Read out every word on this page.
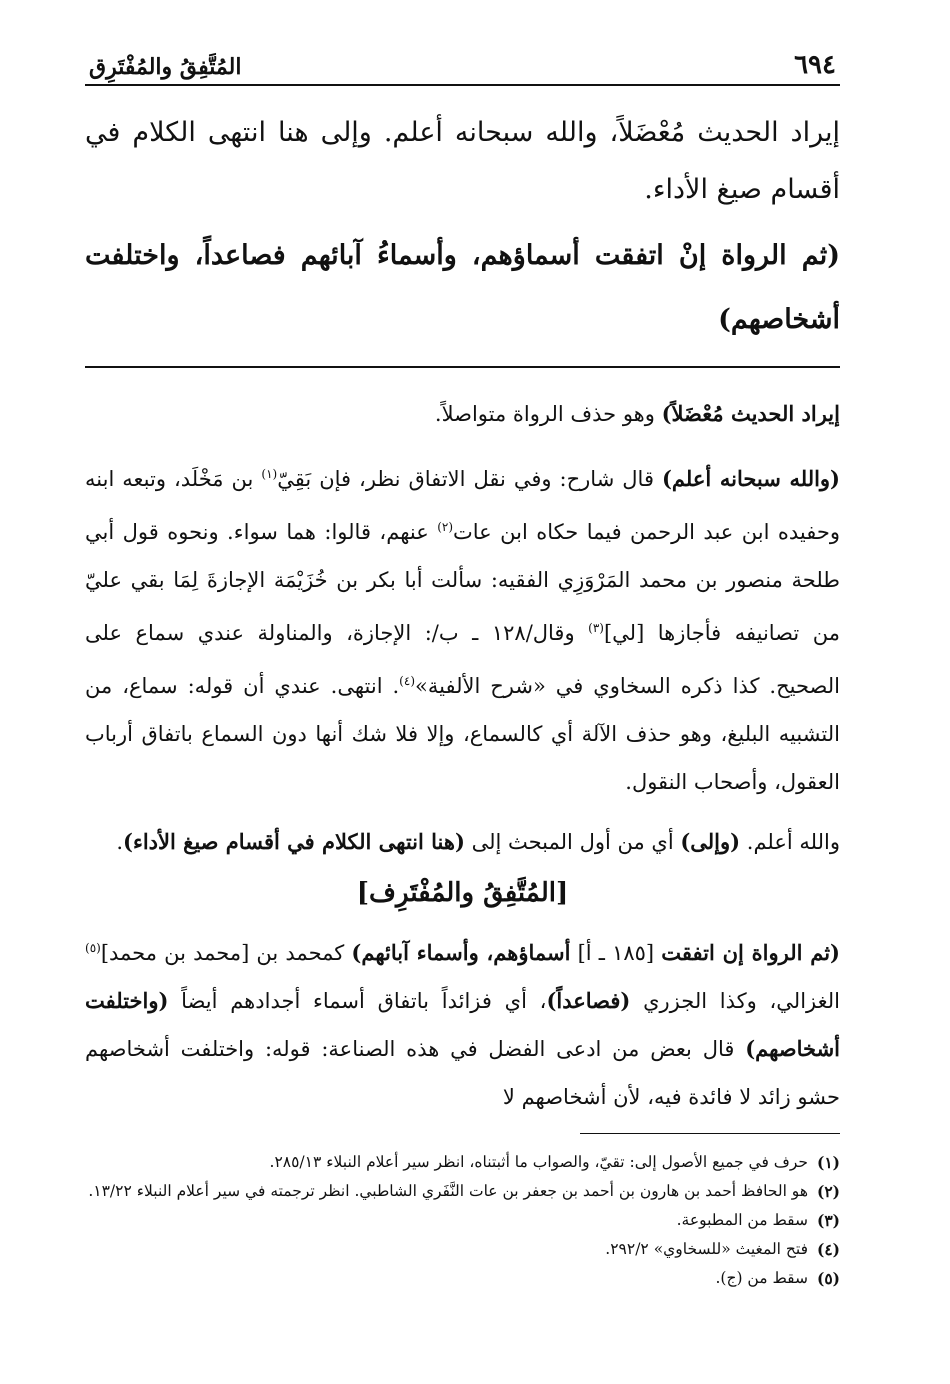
٦٩٤
المُتَّفِقُ والمُفْتَرِق
إيراد الحديث مُعْضَلاً، والله سبحانه أعلم. وإلى هنا انتهى الكلام في أقسام صيغ الأداء.
(ثم الرواة إنْ اتفقت أسماؤهم، وأسماءُ آبائهم فصاعداً، واختلفت أشخاصهم)

إيراد الحديث مُعْضَلاً) وهو حذف الرواة متواصلاً.

(والله سبحانه أعلم) قال شارح: وفي نقل الاتفاق نظر، فإن بَقِيّ$^{(١)}$ بن مَخْلَد، وتبعه ابنه وحفيده ابن عبد الرحمن فيما حكاه ابن عات$^{(٢)}$ عنهم، قالوا: هما سواء. ونحوه قول أبي طلحة منصور بن محمد المَرْوَزِي الفقيه: سألت أبا بكر بن خُزَيْمَة الإجازةَ لِمَا بقي عليّ من تصانيفه فأجازها [لي]$^{(٣)}$ وقال/١٢٨ ـ ب/: الإجازة، والمناولة عندي سماع على الصحيح. كذا ذكره السخاوي في «شرح الألفية»$^{(٤)}$. انتهى. عندي أن قوله: سماع، من التشبيه البليغ، وهو حذف الآلة أي كالسماع، وإلا فلا شك أنها دون السماع باتفاق أرباب العقول، وأصحاب النقول.

والله أعلم. (وإلى) أي من أول المبحث إلى (هنا انتهى الكلام في أقسام صيغ الأداء).

[المُتَّفِقُ والمُفْتَرِف]

(ثم الرواة إن اتفقت [١٨٥ ـ أ] أسماؤهم، وأسماء آبائهم) كمحمد بن [محمد بن محمد]$^{(٥)}$ الغزالي، وكذا الجزري (فصاعداً)، أي فزائداً باتفاق أسماء أجدادهم أيضاً (واختلفت أشخاصهم) قال بعض من ادعى الفضل في هذه الصناعة: قوله: واختلفت أشخاصهم حشو زائد لا فائدة فيه، لأن أشخاصهم لا

(١)
حرف في جميع الأصول إلى: تقيّ، والصواب ما أثبتناه، انظر سير أعلام النبلاء ٢٨٥/١٣.
(٢)
هو الحافظ أحمد بن هارون بن أحمد بن جعفر بن عات النَّفَري الشاطبي. انظر ترجمته في سير أعلام النبلاء ١٣/٢٢.
(٣)
سقط من المطبوعة.
(٤)
فتح المغيث «للسخاوي» ٢٩٢/٢.
(٥)
سقط من (ج).
